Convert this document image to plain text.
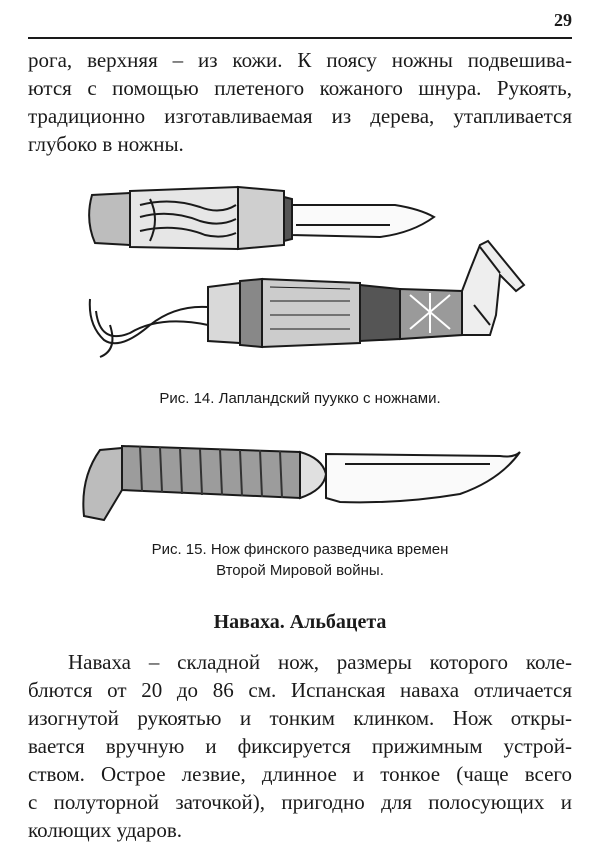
29
рога, верхняя – из кожи. К поясу ножны подвешива-
ются с помощью плетеного кожаного шнура. Рукоять,
традиционно изготавливаемая из дерева, утапливается
глубоко в ножны.
Рис. 14. Лапландский пуукко с ножнами.
Рис. 15. Нож финского разведчика времен
Второй Мировой войны.
Наваха. Альбацета
Наваха – складной нож, размеры которого коле-
блются от 20 до 86 см. Испанская наваха отличается
изогнутой рукоятью и тонким клинком. Нож откры-
вается вручную и фиксируется прижимным устрой-
ством. Острое лезвие, длинное и тонкое (чаще всего
с полуторной заточкой), пригодно для полосующих и
колющих ударов.
